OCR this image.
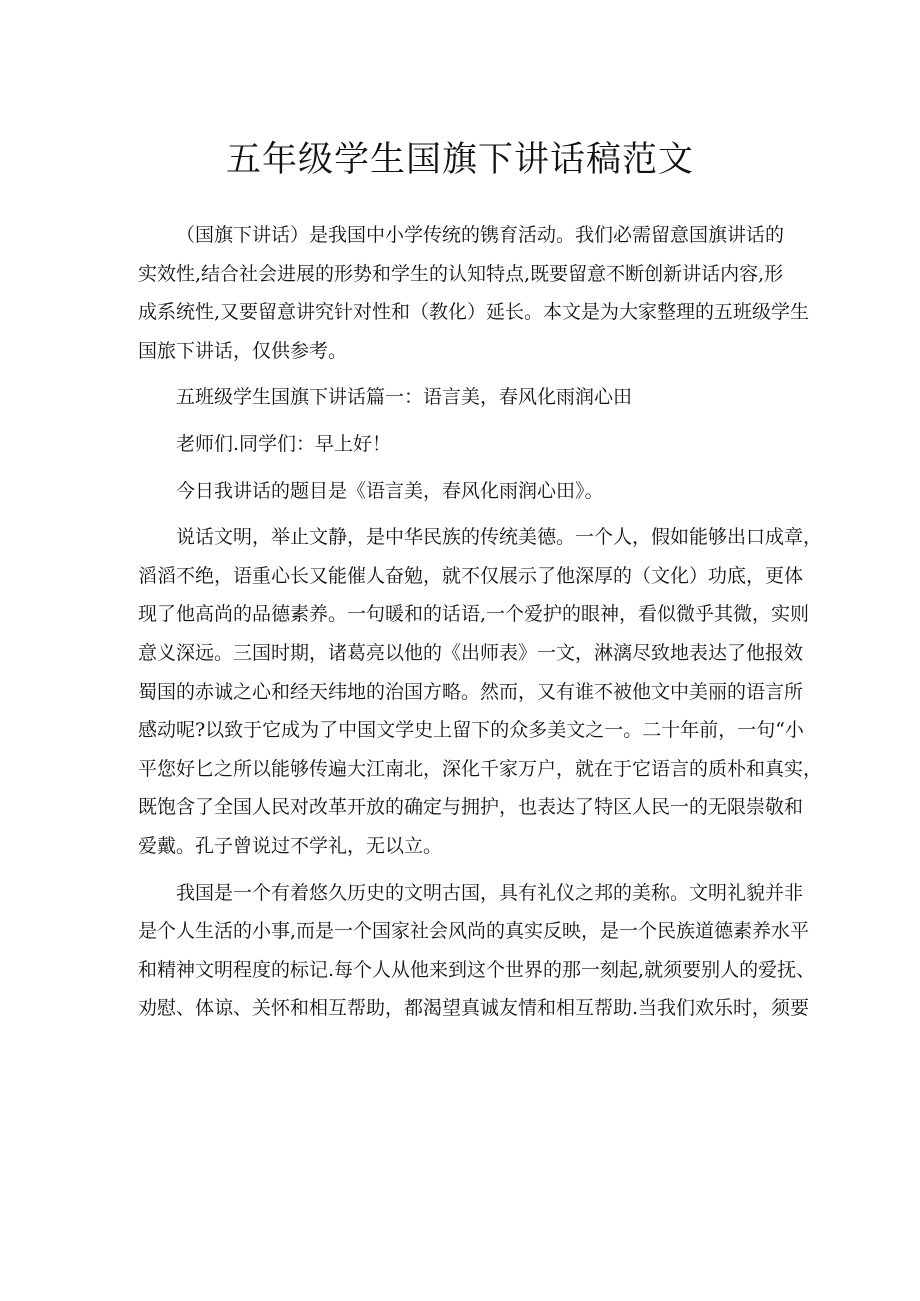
五年级学生国旗下讲话稿范文

（国旗下讲话）是我国中小学传统的镌育活动。我们必需留意国旗讲话的
实效性,结合社会进展的形势和学生的认知特点,既要留意不断创新讲话内容,形
成系统性,又要留意讲究针对性和（教化）延长。本文是为大家整理的五班级学生
国旅下讲话，仅供参考。

五班级学生国旗下讲话篇一：语言美，春风化雨润心田

老师们.同学们：早上好！

今日我讲话的题目是《语言美，春风化雨润心田》。

说话文明，举止文静，是中华民族的传统美德。一个人，假如能够出口成章，
滔滔不绝，语重心长又能催人奋勉，就不仅展示了他深厚的（文化）功底，更体
现了他高尚的品德素养。一句暖和的话语,一个爱护的眼神，看似微乎其微，实则
意义深远。三国时期，诸葛亮以他的《出师表》一文，淋漓尽致地表达了他报效
蜀国的赤诚之心和经天纬地的治国方略。然而，又有谁不被他文中美丽的语言所
感动呢?以致于它成为了中国文学史上留下的众多美文之一。二十年前，一句“小
平您好匕之所以能够传遍大江南北，深化千家万户，就在于它语言的质朴和真实，
既饱含了全国人民对改革开放的确定与拥护，也表达了特区人民一的无限崇敬和
爱戴。孔子曾说过不学礼，无以立。

我国是一个有着悠久历史的文明古国，具有礼仪之邦的美称。文明礼貌并非
是个人生活的小事,而是一个国家社会风尚的真实反映，是一个民族道德素养水平
和精神文明程度的标记.每个人从他来到这个世界的那一刻起,就须要别人的爱抚、
劝慰、体谅、关怀和相互帮助，都渴望真诚友情和相互帮助.当我们欢乐时，须要
